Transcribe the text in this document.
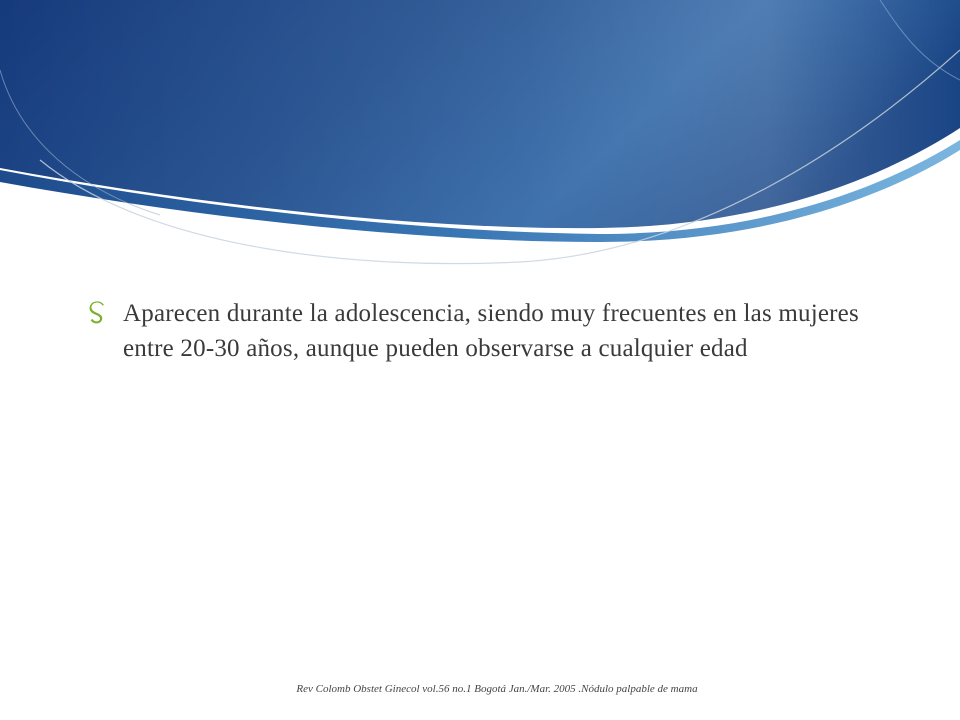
Aparecen durante la adolescencia, siendo muy frecuentes en las mujeres entre 20-30 años, aunque pueden observarse a cualquier edad

Rev Colomb Obstet Ginecol vol.56 no.1 Bogotá Jan./Mar. 2005 .Nódulo palpable de mama
